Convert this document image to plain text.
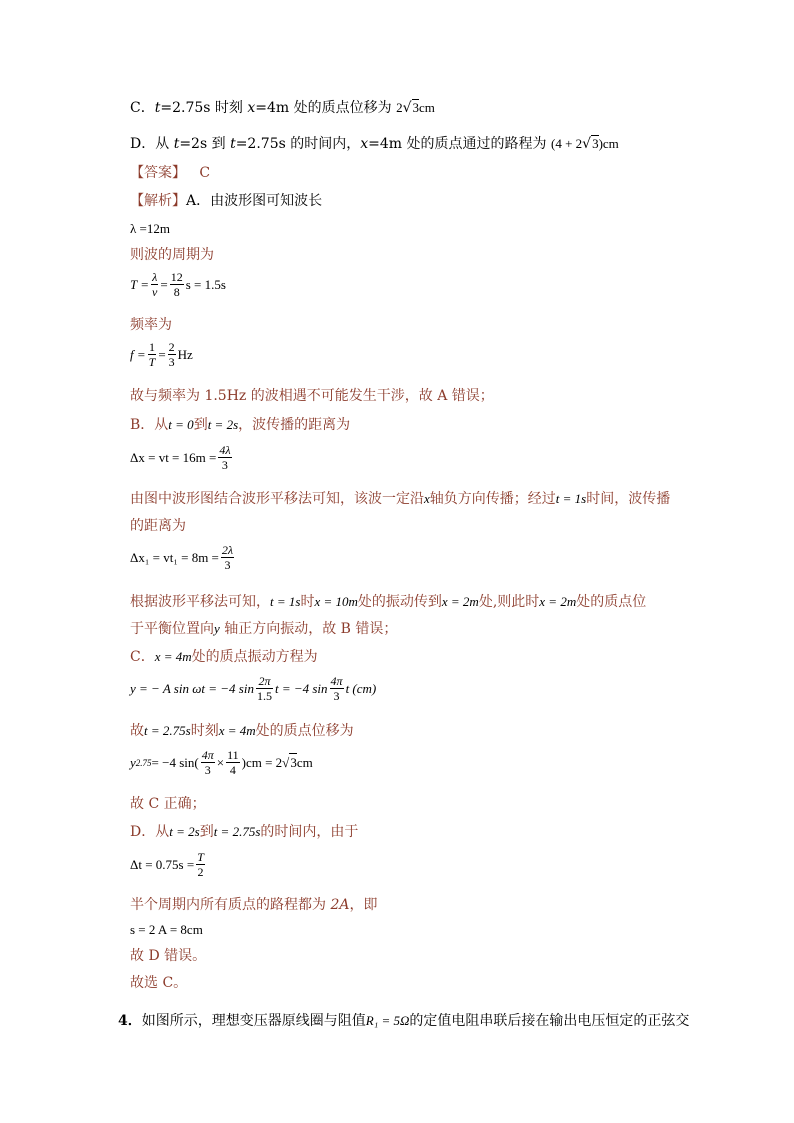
C．t=2.75s 时刻 x=4m 处的质点位移为 2√3cm
D．从 t=2s 到 t=2.75s 的时间内，x=4m 处的质点通过的路程为 (4 + 2√3)cm
【答案】 C
【解析】A．由波形图可知波长
λ =12m
则波的周期为
$T = \frac{\lambda}{v} = \frac{12}{8}$ s = 1.5s
频率为
$f = \frac{1}{T} = \frac{2}{3}$ Hz
故与频率为 1.5Hz 的波相遇不可能发生干涉，故 A 错误；
B．从t = 0到t = 2s，波传播的距离为
Δx = vt = $16m = \frac{4\lambda}{3}$
由图中波形图结合波形平移法可知，该波一定沿x轴负方向传播；经过t = 1s时间，波传播
的距离为
$\Delta x_1 = vt_1 = 8m = \frac{2\lambda}{3}$
根据波形平移法可知，t = 1s时x = 10m处的振动传到x = 2m处,则此时x = 2m处的质点位
于平衡位置向y 轴正方向振动，故 B 错误；
C．x = 4m处的质点振动方程为
y = − A sin ωt = −4 $\sin \frac{2\pi}{1.5}$ t = −4 $\sin \frac{4\pi}{3}$ t (cm)
故t = 2.75s时刻x = 4m处的质点位移为
y 2.75 = −4 $\sin( \frac{4\pi}{3} \times \frac{11}{4} )cm = 2$ √ 3 cm
故 C 正确；
D．从t = 2s到t = 2.75s的时间内，由于
$\Delta t = 0.75s = \frac{T}{2}$
半个周期内所有质点的路程都为 2A，即
s = 2 A = 8cm
故 D 错误。
故选 C。
4．如图所示，理想变压器原线圈与阻值R₁ = 5Ω的定值电阻串联后接在输出电压恒定的正弦交
